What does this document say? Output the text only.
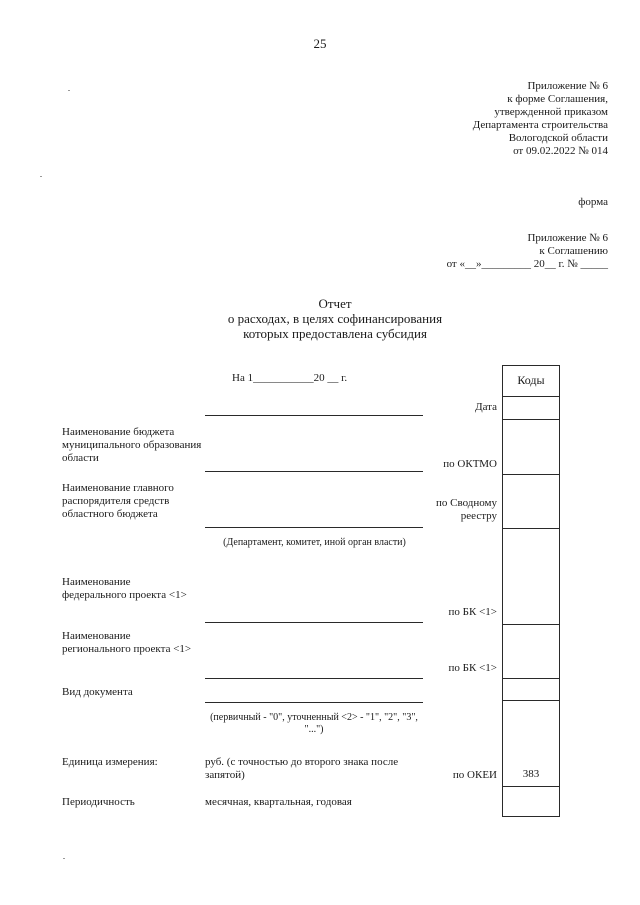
25
Приложение № 6
к форме Соглашения,
утвержденной приказом
Департамента строительства
Вологодской области
от 09.02.2022 № 014
форма
Приложение № 6
к Соглашению
от «__»_________ 20__ г. № _____
Отчет
о расходах, в целях софинансирования
которых предоставлена субсидия
На 1___________20 __ г.	Коды
383
Дата
по ОКТМО
по Сводному
реестру
по БК <1>
по БК <1>
по ОКЕИ
Наименование бюджета муниципального образования области
Наименование главного распорядителя средств областного бюджета
Наименование федерального проекта <1>
Наименование регионального проекта <1>
Вид документа
Единица измерения:
Периодичность
(Департамент, комитет, иной орган власти)
(первичный - "0", уточненный <2> - "1", "2", "3", "...")
руб. (с точностью до второго знака после запятой)
месячная, квартальная, годовая
